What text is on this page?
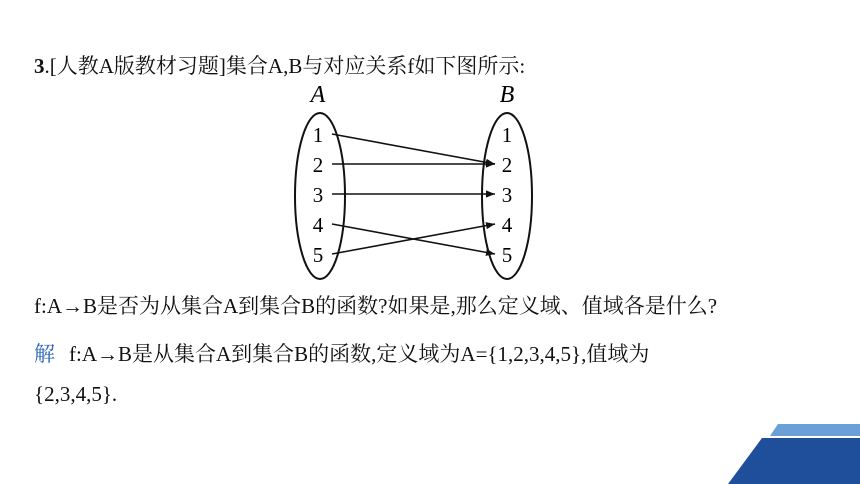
3.[人教A版教材习题]集合A,B与对应关系f如下图所示:
A	B
1
2
3
4
5
1
2
3
4
5
f:A→B是否为从集合A到集合B的函数?如果是,那么定义域、值域各是什么?
解 f:A→B是从集合A到集合B的函数,定义域为A={1,2,3,4,5},值域为
{2,3,4,5}.
